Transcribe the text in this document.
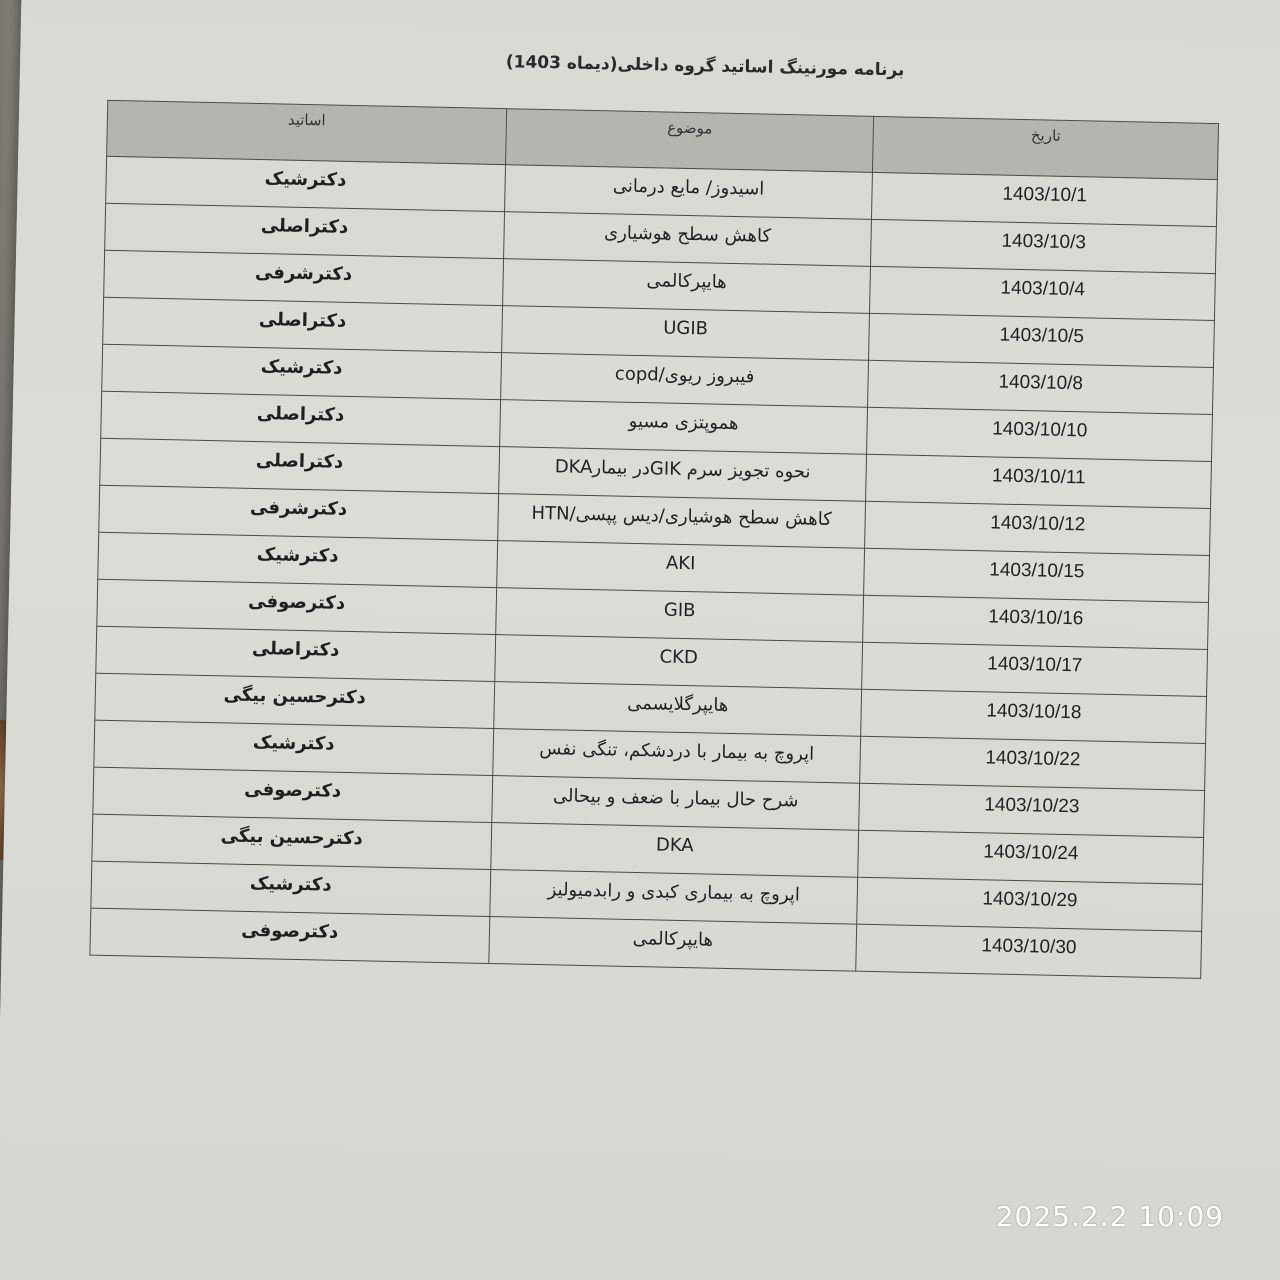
برنامه مورنینگ اساتید گروه داخلی(دیماه 1403)
تاریخ	موضوع	اساتید
1403/10/1	اسیدوز/ مایع درمانی	دکترشیک
1403/10/3	کاهش سطح هوشیاری	دکتراصلی
1403/10/4	هایپرکالمی	دکترشرفی
1403/10/5	UGIB	دکتراصلی
1403/10/8	فیبروز ریوی/copd	دکترشیک
1403/10/10	هموپتزی مسیو	دکتراصلی
1403/10/11	نحوه تجویز سرم GIKدر بیمارDKA	دکتراصلی
1403/10/12	کاهش سطح هوشیاری/دیس پپسی/HTN	دکترشرفی
1403/10/15	AKI	دکترشیک
1403/10/16	GIB	دکترصوفی
1403/10/17	CKD	دکتراصلی
1403/10/18	هایپرگلایسمی	دکترحسین بیگی
1403/10/22	اپروچ به بیمار با دردشکم، تنگی نفس	دکترشیک
1403/10/23	شرح حال بیمار با ضعف و بیحالی	دکترصوفی
1403/10/24	DKA	دکترحسین بیگی
1403/10/29	اپروچ به بیماری کبدی و رابدمیولیز	دکترشیک
1403/10/30	هایپرکالمی	دکترصوفی
2025.2.2 10:09
